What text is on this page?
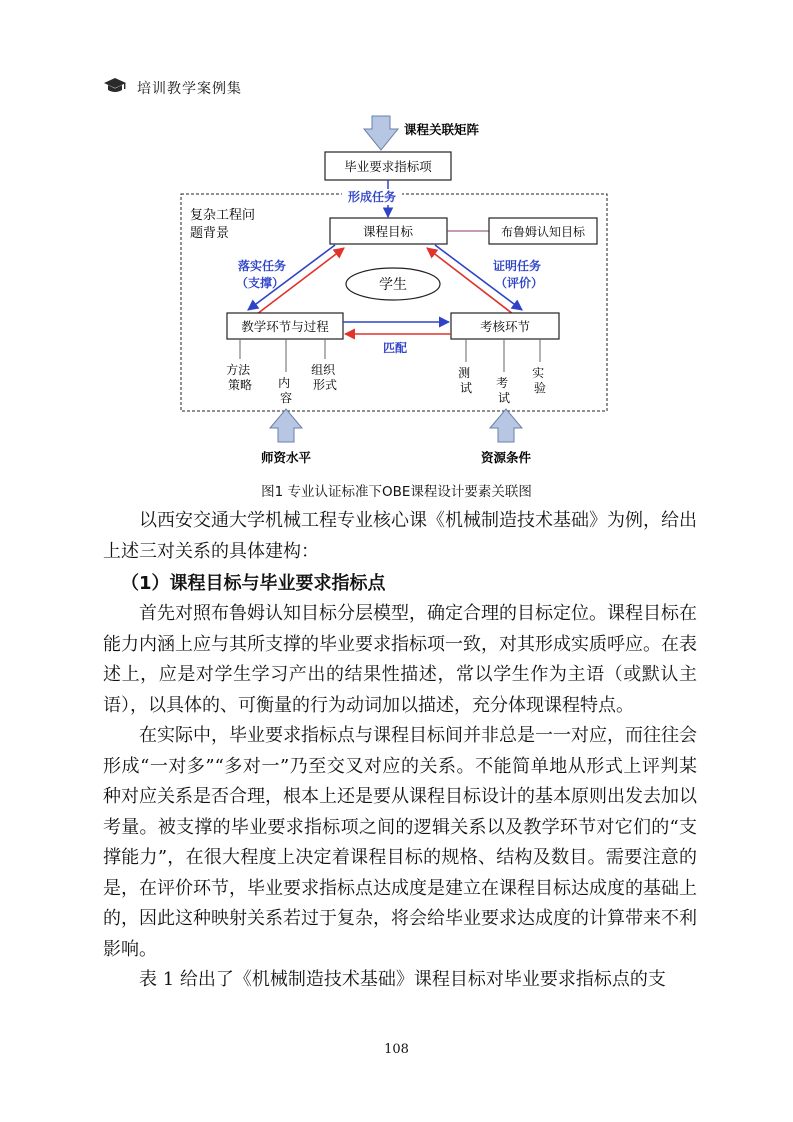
培训教学案例集
课程关联矩阵
毕业要求指标项
形成任务
复杂工程问
题背景	课程目标	布鲁姆认知目标
学生
落实任务
（支撑）
证明任务
（评价）
教学环节与过程	考核环节
匹配
方法 策略 内 容
组织 形式
测 试 考 试
实 验
师资水平	资源条件
图1 专业认证标准下OBE课程设计要素关联图

以西安交通大学机械工程专业核心课《机械制造技术基础》为例，给出上述三对关系的具体建构：

（1）课程目标与毕业要求指标点

首先对照布鲁姆认知目标分层模型，确定合理的目标定位。课程目标在能力内涵上应与其所支撑的毕业要求指标项一致，对其形成实质呼应。在表述上，应是对学生学习产出的结果性描述，常以学生作为主语（或默认主语），以具体的、可衡量的行为动词加以描述，充分体现课程特点。

在实际中，毕业要求指标点与课程目标间并非总是一一对应，而往往会形成“一对多”“多对一”乃至交叉对应的关系。不能简单地从形式上评判某种对应关系是否合理，根本上还是要从课程目标设计的基本原则出发去加以考量。被支撑的毕业要求指标项之间的逻辑关系以及教学环节对它们的“支撑能力”，在很大程度上决定着课程目标的规格、结构及数目。需要注意的是，在评价环节，毕业要求指标点达成度是建立在课程目标达成度的基础上的，因此这种映射关系若过于复杂，将会给毕业要求达成度的计算带来不利影响。

表 1 给出了《机械制造技术基础》课程目标对毕业要求指标点的支

108
